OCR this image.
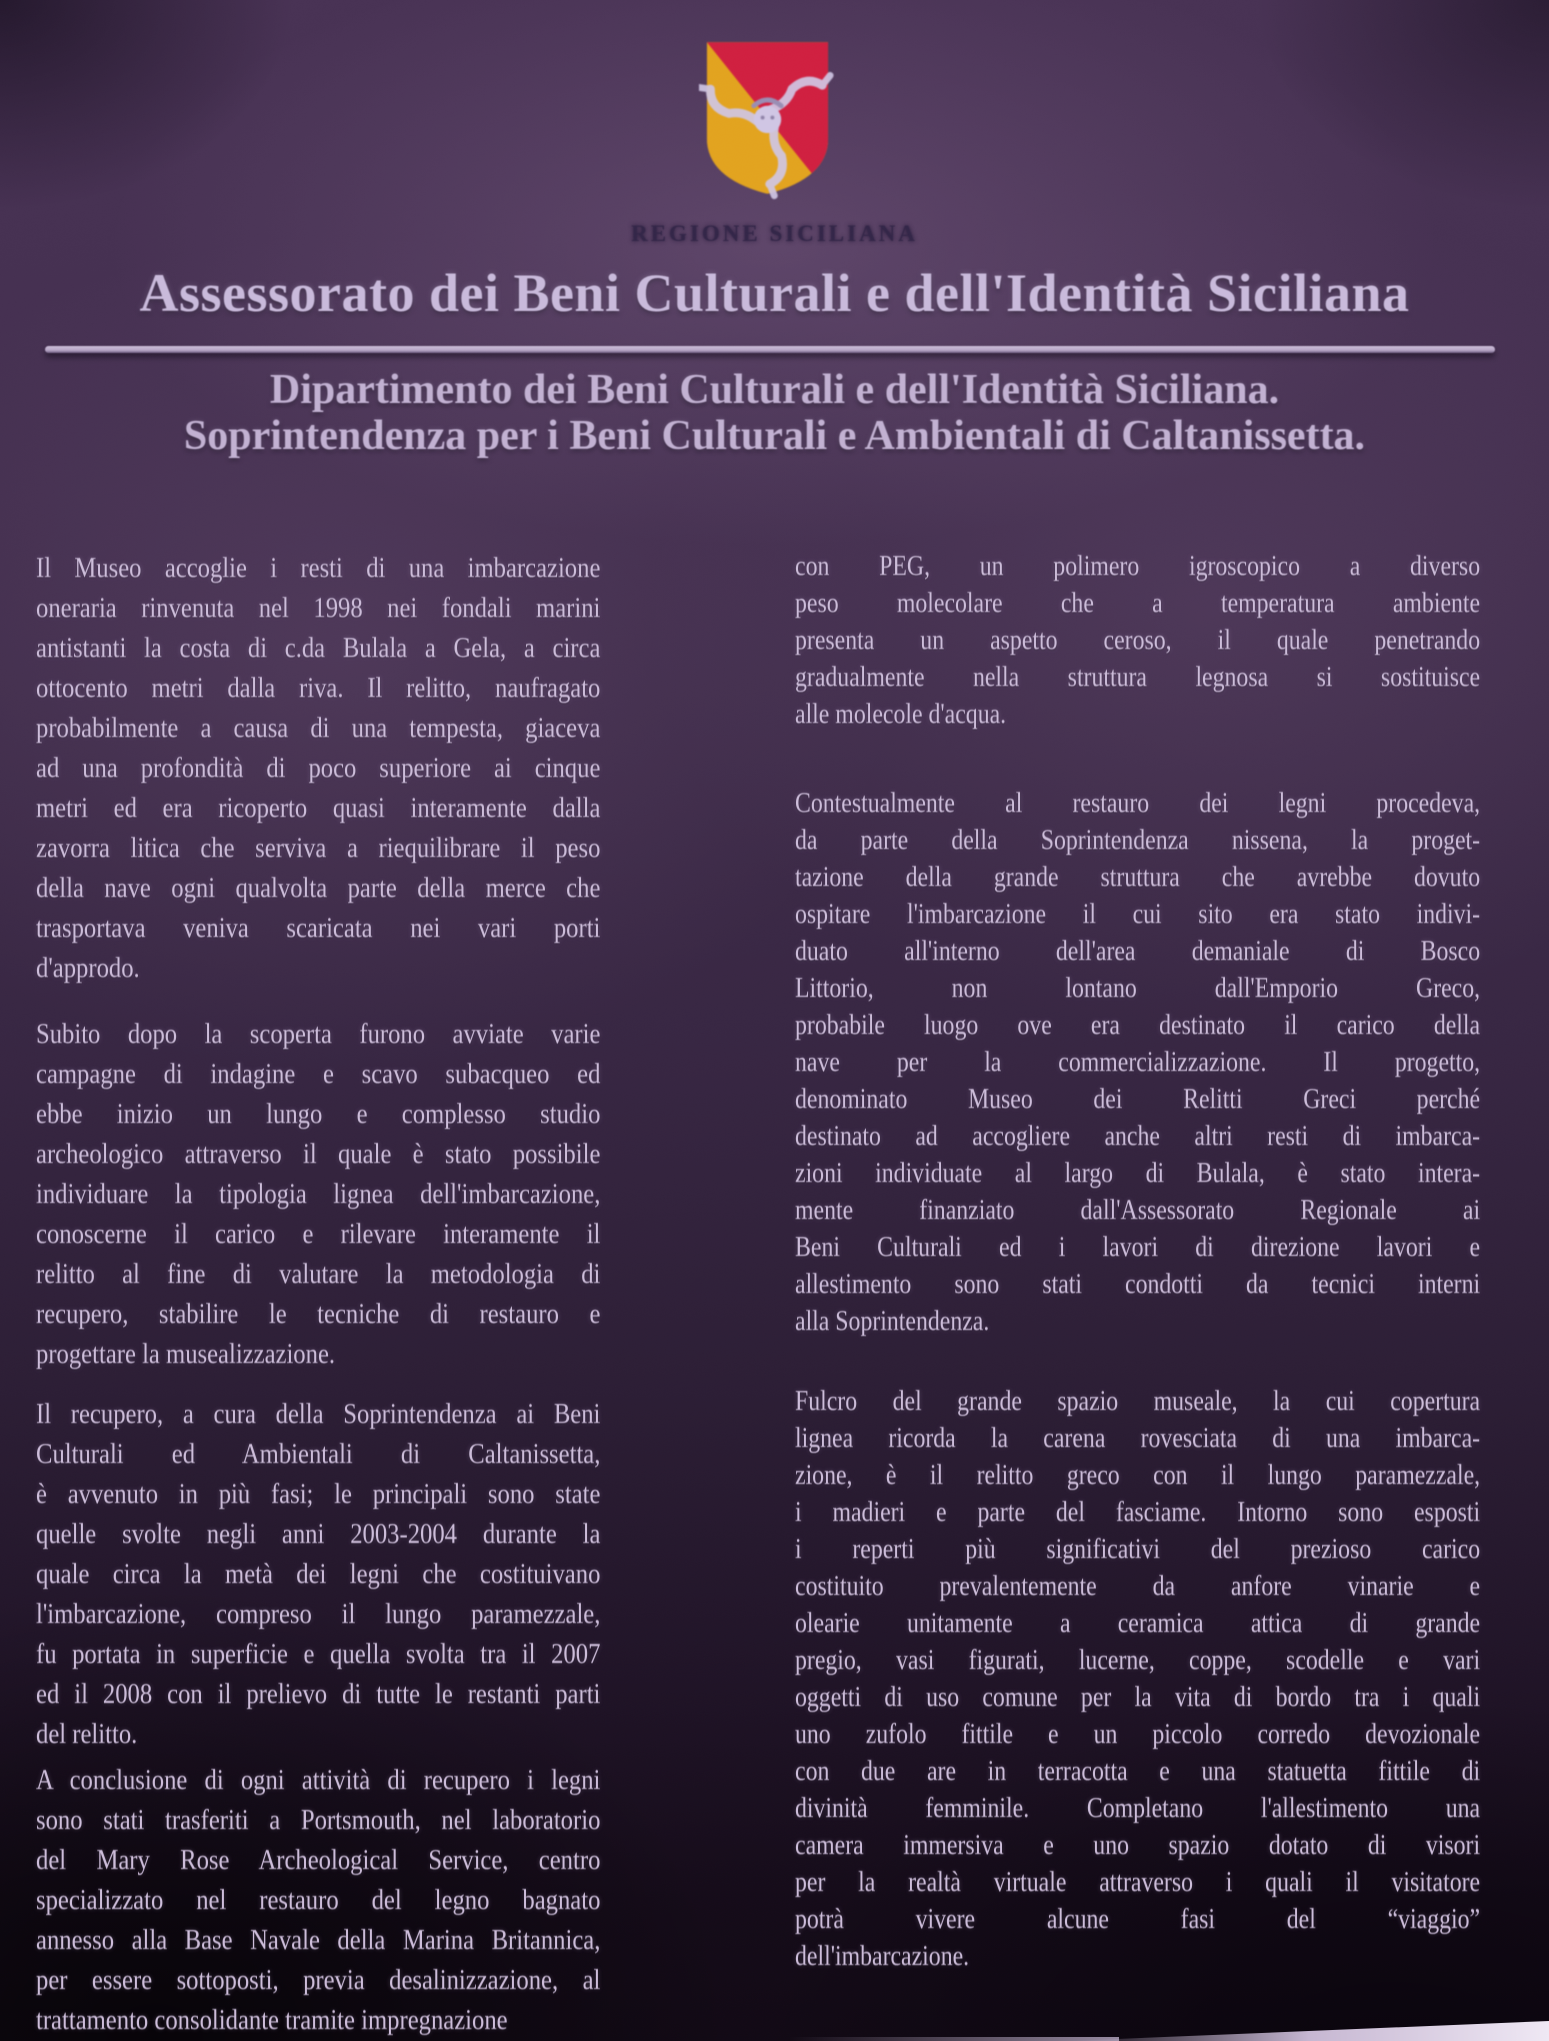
REGIONE SICILIANA
Assessorato dei Beni Culturali e dell'Identità Siciliana
Dipartimento dei Beni Culturali e dell'Identità Siciliana.
Soprintendenza per i Beni Culturali e Ambientali di Caltanissetta.
Il Museo accoglie i resti di una imbarcazione
oneraria rinvenuta nel 1998 nei fondali marini
antistanti la costa di c.da Bulala a Gela, a circa
ottocento metri dalla riva. Il relitto, naufragato
probabilmente a causa di una tempesta, giaceva
ad una profondità di poco superiore ai cinque
metri ed era ricoperto quasi interamente dalla
zavorra litica che serviva a riequilibrare il peso
della nave ogni qualvolta parte della merce che
trasportava veniva scaricata nei vari porti
d'approdo.
Subito dopo la scoperta furono avviate varie
campagne di indagine e scavo subacqueo ed
ebbe inizio un lungo e complesso studio
archeologico attraverso il quale è stato possibile
individuare la tipologia lignea dell'imbarcazione,
conoscerne il carico e rilevare interamente il
relitto al fine di valutare la metodologia di
recupero, stabilire le tecniche di restauro e
progettare la musealizzazione.
Il recupero, a cura della Soprintendenza ai Beni
Culturali ed Ambientali di Caltanissetta,
è avvenuto in più fasi; le principali sono state
quelle svolte negli anni 2003-2004 durante la
quale circa la metà dei legni che costituivano
l'imbarcazione, compreso il lungo paramezzale,
fu portata in superficie e quella svolta tra il 2007
ed il 2008 con il prelievo di tutte le restanti parti
del relitto.
A conclusione di ogni attività di recupero i legni
sono stati trasferiti a Portsmouth, nel laboratorio
del Mary Rose Archeological Service, centro
specializzato nel restauro del legno bagnato
annesso alla Base Navale della Marina Britannica,
per essere sottoposti, previa desalinizzazione, al
trattamento consolidante tramite impregnazione
con PEG, un polimero igroscopico a diverso
peso molecolare che a temperatura ambiente
presenta un aspetto ceroso, il quale penetrando
gradualmente nella struttura legnosa si sostituisce
alle molecole d'acqua.
Contestualmente al restauro dei legni procedeva,
da parte della Soprintendenza nissena, la proget-
tazione della grande struttura che avrebbe dovuto
ospitare l'imbarcazione il cui sito era stato indivi-
duato all'interno dell'area demaniale di Bosco
Littorio, non lontano dall'Emporio Greco,
probabile luogo ove era destinato il carico della
nave per la commercializzazione. Il progetto,
denominato Museo dei Relitti Greci perché
destinato ad accogliere anche altri resti di imbarca-
zioni individuate al largo di Bulala, è stato intera-
mente finanziato dall'Assessorato Regionale ai
Beni Culturali ed i lavori di direzione lavori e
allestimento sono stati condotti da tecnici interni
alla Soprintendenza.
Fulcro del grande spazio museale, la cui copertura
lignea ricorda la carena rovesciata di una imbarca-
zione, è il relitto greco con il lungo paramezzale,
i madieri e parte del fasciame. Intorno sono esposti
i reperti più significativi del prezioso carico
costituito prevalentemente da anfore vinarie e
olearie unitamente a ceramica attica di grande
pregio, vasi figurati, lucerne, coppe, scodelle e vari
oggetti di uso comune per la vita di bordo tra i quali
uno zufolo fittile e un piccolo corredo devozionale
con due are in terracotta e una statuetta fittile di
divinità femminile. Completano l'allestimento una
camera immersiva e uno spazio dotato di visori
per la realtà virtuale attraverso i quali il visitatore
potrà vivere alcune fasi del “viaggio”
dell'imbarcazione.
